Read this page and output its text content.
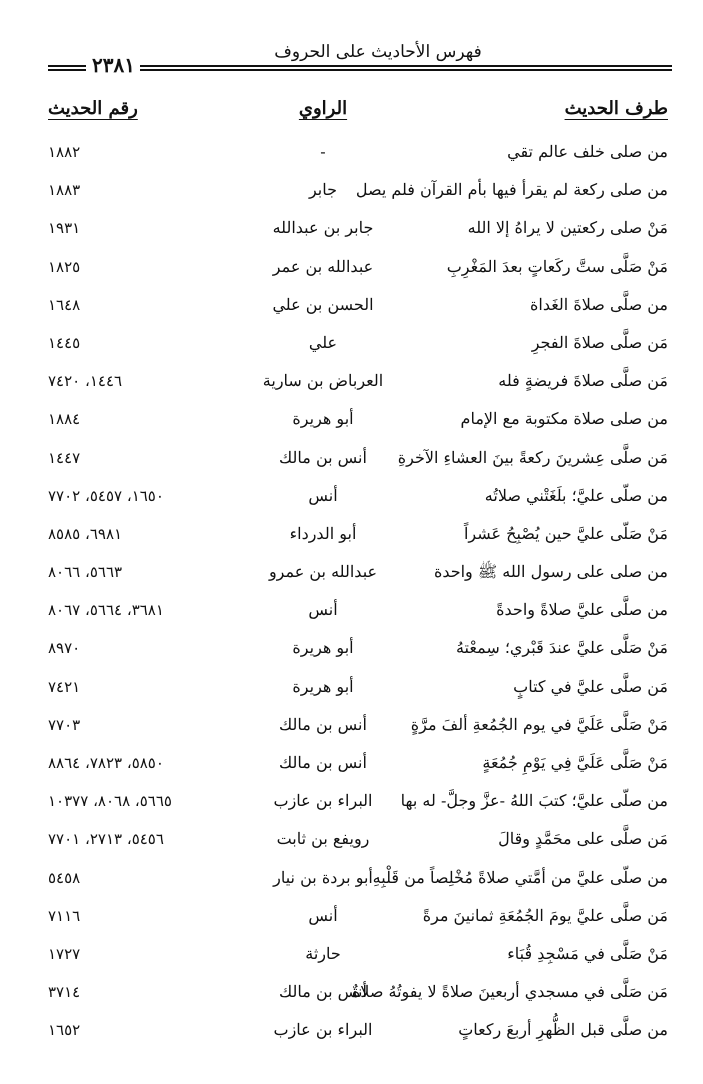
٢٣٨١
فهرس الأحاديث على الحروف
طرف الحديث
الراوي
رقم الحديث
من صلى خلف عالم تقي
-
١٨٨٢
من صلى ركعة لم يقرأ فيها بأم القرآن فلم يصل
جابر
١٨٨٣
مَنْ صلى ركعتين لا يراهُ إلا الله
جابر بن عبدالله
١٩٣١
مَنْ صَلَّى ستَّ ركَعاتٍ بعدَ المَغْرِبِ
عبدالله بن عمر
١٨٢٥
من صلَّى صلاةَ الغَداة
الحسن بن علي
١٦٤٨
مَن صلَّى صلاةَ الفجرِ
علي
١٤٤٥
مَن صلَّى صلاةَ فريضةٍ فله
العرباض بن سارية
١٤٤٦، ٧٤٢٠
من صلى صلاة مكتوبة مع الإمام
أبو هريرة
١٨٨٤
مَن صلَّى عِشرينَ ركعةً بينَ العشاءِ الآخرةِ
أنس بن مالك
١٤٤٧
من صلّى عليَّ؛ بلَغَتْني صلاتُه
أنس
١٦٥٠، ٥٤٥٧، ٧٧٠٢
مَنْ صَلّى عليَّ حين يُصْبِحُ عَشراً
أبو الدرداء
٦٩٨١، ٨٥٨٥
من صلى على رسول الله ﷺ واحدة
عبدالله بن عمرو
٥٦٦٣، ٨٠٦٦
من صلَّى عليَّ صلاةً واحدةً
أنس
٣٦٨١، ٥٦٦٤، ٨٠٦٧
مَنْ صَلَّى عليَّ عندَ قَبْري؛ سِمعْتهُ
أبو هريرة
٨٩٧٠
مَن صلَّى عليَّ في كتابٍ
أبو هريرة
٧٤٢١
مَنْ صَلَّى عَلَيَّ في يوم الجُمُعةِ ألفَ مرَّةٍ
أنس بن مالك
٧٧٠٣
مَنْ صَلَّى عَلَيَّ فِي يَوْمِ جُمُعَةٍ
أنس بن مالك
٥٨٥٠، ٧٨٢٣، ٨٨٦٤
من صلّى عليَّ؛ كتبَ اللهُ -عزَّ وجلَّ- له بها
البراء بن عازب
٥٦٦٥، ٨٠٦٨، ١٠٣٧٧
مَن صلَّى على محَمَّدٍ وقالَ
رويفع بن ثابت
٥٤٥٦، ٢٧١٣، ٧٧٠١
من صلّى عليَّ من أمَّتي صلاةً مُخْلِصاً من قَلْبِهِ
أبو بردة بن نيار
٥٤٥٨
مَن صلَّى عليَّ يومَ الجُمُعَةِ ثمانينَ مرةً
أنس
٧١١٦
مَنْ صَلَّى في مَسْجِدِ قُبَاء
حارثة
١٧٢٧
مَن صَلَّى في مسجدي أربعينَ صلاةً لا يفوتُهُ صلاةٌ
أنس بن مالك
٣٧١٤
من صلَّى قبل الظُّهرِ أربعَ ركعاتٍ
البراء بن عازب
١٦٥٢
